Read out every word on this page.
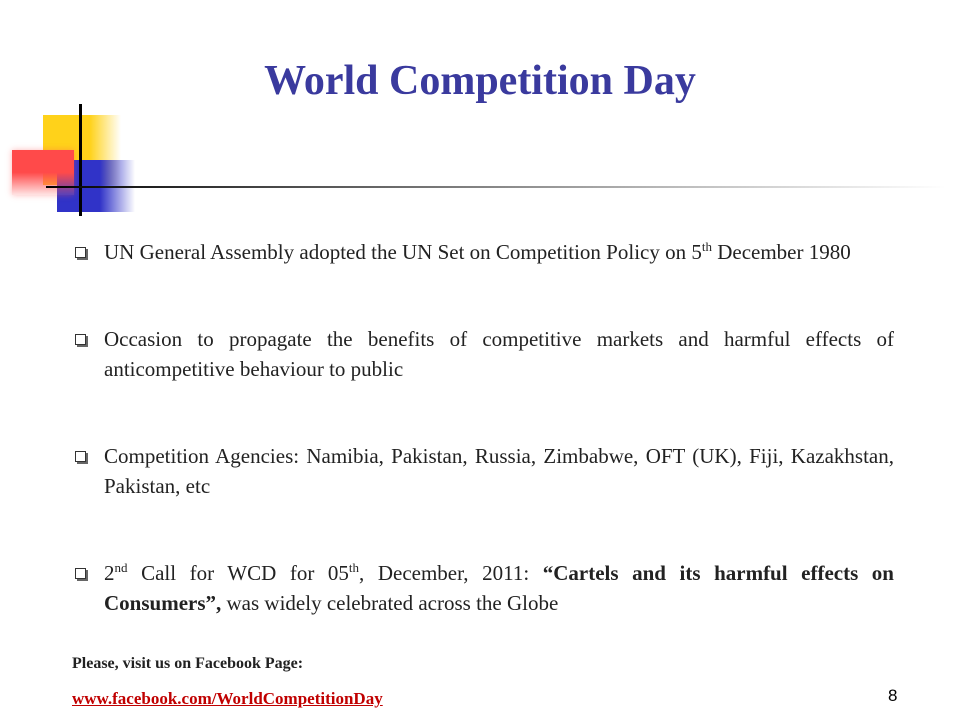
World Competition Day
UN General Assembly adopted the UN Set on Competition Policy on 5th December 1980
Occasion to propagate the benefits of competitive markets and harmful effects of anticompetitive behaviour to public
Competition Agencies: Namibia, Pakistan, Russia, Zimbabwe, OFT (UK), Fiji, Kazakhstan, Pakistan, etc
2nd Call for WCD for 05th, December, 2011: “Cartels and its harmful effects on Consumers”, was widely celebrated across the Globe

Please, visit us on Facebook Page:

www.facebook.com/WorldCompetitionDay	8
